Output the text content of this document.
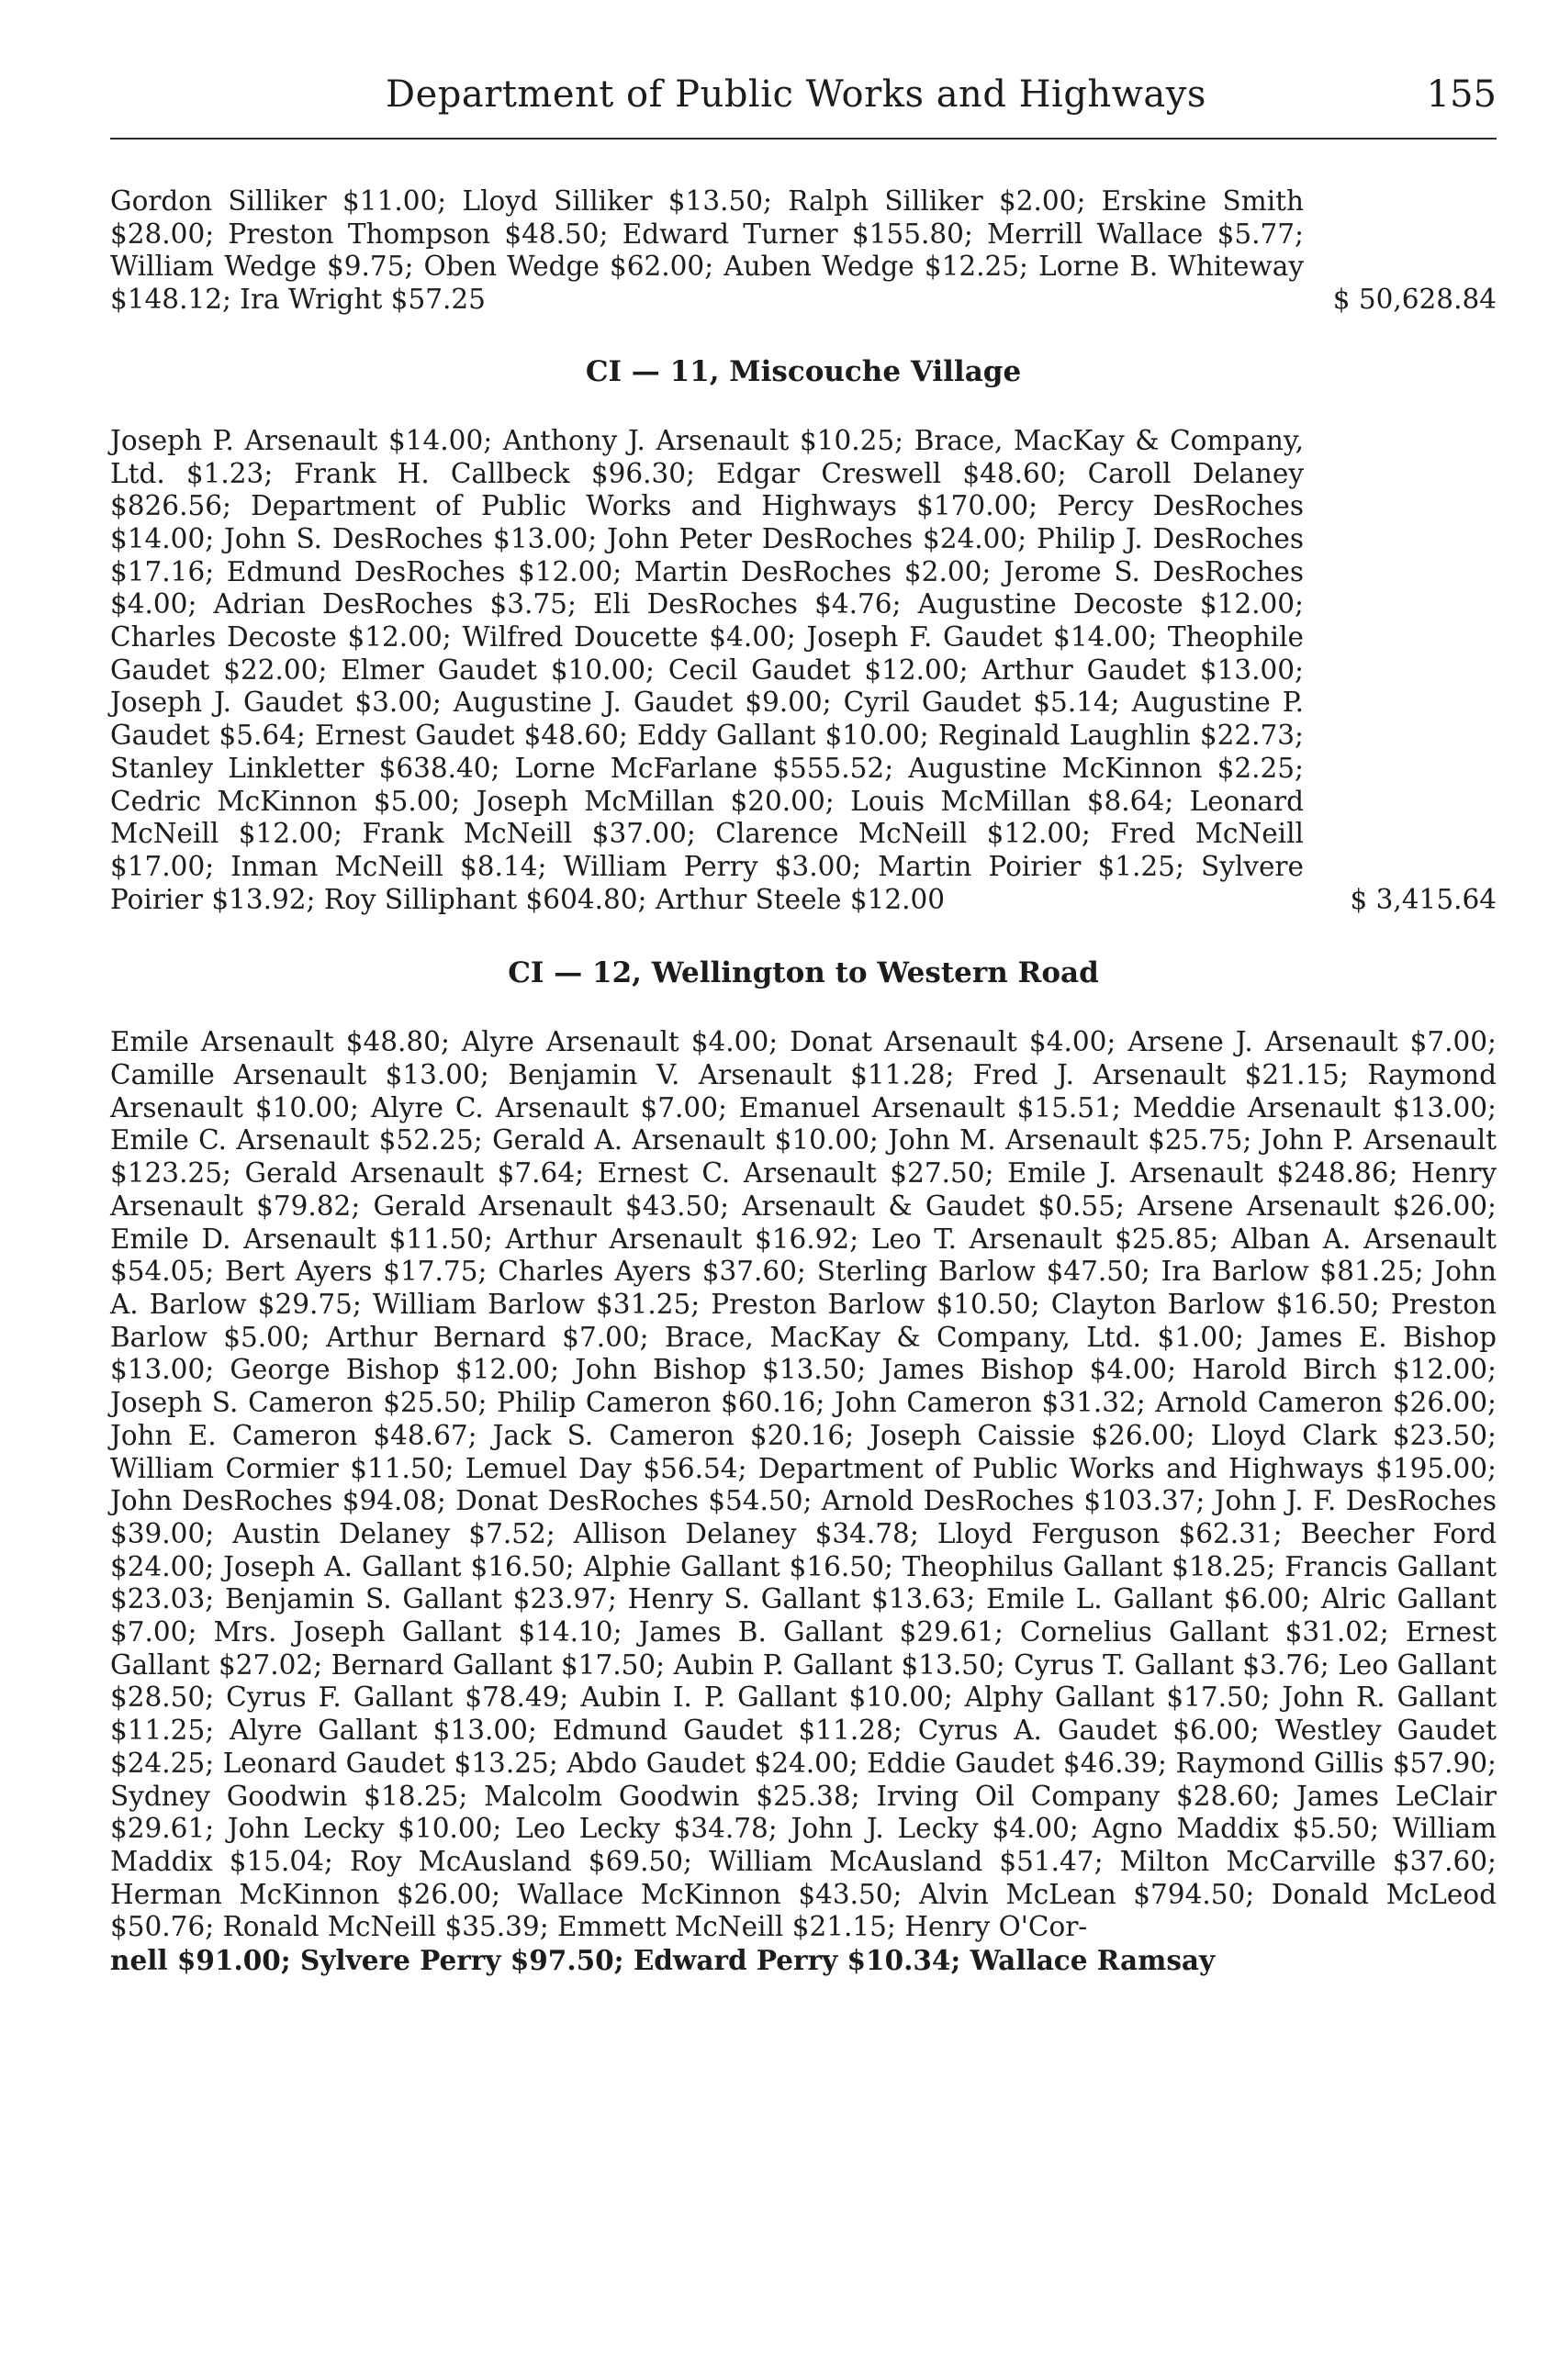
Department of Public Works and Highways	155

Gordon Silliker $11.00; Lloyd Silliker $13.50; Ralph Silliker $2.00; Erskine Smith $28.00; Preston Thompson $48.50; Edward Turner $155.80; Merrill Wallace $5.77; William Wedge $9.75; Oben Wedge $62.00; Auben Wedge $12.25; Lorne B. Whiteway $148.12; Ira Wright $57.25	$ 50,628.84
CI — 11, Miscouche Village

Joseph P. Arsenault $14.00; Anthony J. Arsenault $10.25; Brace, MacKay & Company, Ltd. $1.23; Frank H. Callbeck $96.30; Edgar Creswell $48.60; Caroll Delaney $826.56; Department of Public Works and Highways $170.00; Percy DesRoches $14.00; John S. DesRoches $13.00; John Peter DesRoches $24.00; Philip J. DesRoches $17.16; Edmund DesRoches $12.00; Martin DesRoches $2.00; Jerome S. DesRoches $4.00; Adrian DesRoches $3.75; Eli DesRoches $4.76; Augustine Decoste $12.00; Charles Decoste $12.00; Wilfred Doucette $4.00; Joseph F. Gaudet $14.00; Theophile Gaudet $22.00; Elmer Gaudet $10.00; Cecil Gaudet $12.00; Arthur Gaudet $13.00; Joseph J. Gaudet $3.00; Augustine J. Gaudet $9.00; Cyril Gaudet $5.14; Augustine P. Gaudet $5.64; Ernest Gaudet $48.60; Eddy Gallant $10.00; Reginald Laughlin $22.73; Stanley Linkletter $638.40; Lorne McFarlane $555.52; Augustine McKinnon $2.25; Cedric McKinnon $5.00; Joseph McMillan $20.00; Louis McMillan $8.64; Leonard McNeill $12.00; Frank McNeill $37.00; Clarence McNeill $12.00; Fred McNeill $17.00; Inman McNeill $8.14; William Perry $3.00; Martin Poirier $1.25; Sylvere Poirier $13.92; Roy Silliphant $604.80; Arthur Steele $12.00	$ 3,415.64
CI — 12, Wellington to Western Road

Emile Arsenault $48.80; Alyre Arsenault $4.00; Donat Arsenault $4.00; Arsene J. Arsenault $7.00; Camille Arsenault $13.00; Benjamin V. Arsenault $11.28; Fred J. Arsenault $21.15; Raymond Arsenault $10.00; Alyre C. Arsenault $7.00; Emanuel Arsenault $15.51; Meddie Arsenault $13.00; Emile C. Arsenault $52.25; Gerald A. Arsenault $10.00; John M. Arsenault $25.75; John P. Arsenault $123.25; Gerald Arsenault $7.64; Ernest C. Arsenault $27.50; Emile J. Arsenault $248.86; Henry Arsenault $79.82; Gerald Arsenault $43.50; Arsenault & Gaudet $0.55; Arsene Arsenault $26.00; Emile D. Arsenault $11.50; Arthur Arsenault $16.92; Leo T. Arsenault $25.85; Alban A. Arsenault $54.05; Bert Ayers $17.75; Charles Ayers $37.60; Sterling Barlow $47.50; Ira Barlow $81.25; John A. Barlow $29.75; William Barlow $31.25; Preston Barlow $10.50; Clayton Barlow $16.50; Preston Barlow $5.00; Arthur Bernard $7.00; Brace, MacKay & Company, Ltd. $1.00; James E. Bishop $13.00; George Bishop $12.00; John Bishop $13.50; James Bishop $4.00; Harold Birch $12.00; Joseph S. Cameron $25.50; Philip Cameron $60.16; John Cameron $31.32; Arnold Cameron $26.00; John E. Cameron $48.67; Jack S. Cameron $20.16; Joseph Caissie $26.00; Lloyd Clark $23.50; William Cormier $11.50; Lemuel Day $56.54; Department of Public Works and Highways $195.00; John DesRoches $94.08; Donat DesRoches $54.50; Arnold DesRoches $103.37; John J. F. DesRoches $39.00; Austin Delaney $7.52; Allison Delaney $34.78; Lloyd Ferguson $62.31; Beecher Ford $24.00; Joseph A. Gallant $16.50; Alphie Gallant $16.50; Theophilus Gallant $18.25; Francis Gallant $23.03; Benjamin S. Gallant $23.97; Henry S. Gallant $13.63; Emile L. Gallant $6.00; Alric Gallant $7.00; Mrs. Joseph Gallant $14.10; James B. Gallant $29.61; Cornelius Gallant $31.02; Ernest Gallant $27.02; Bernard Gallant $17.50; Aubin P. Gallant $13.50; Cyrus T. Gallant $3.76; Leo Gallant $28.50; Cyrus F. Gallant $78.49; Aubin I. P. Gallant $10.00; Alphy Gallant $17.50; John R. Gallant $11.25; Alyre Gallant $13.00; Edmund Gaudet $11.28; Cyrus A. Gaudet $6.00; Westley Gaudet $24.25; Leonard Gaudet $13.25; Abdo Gaudet $24.00; Eddie Gaudet $46.39; Raymond Gillis $57.90; Sydney Goodwin $18.25; Malcolm Goodwin $25.38; Irving Oil Company $28.60; James LeClair $29.61; John Lecky $10.00; Leo Lecky $34.78; John J. Lecky $4.00; Agno Maddix $5.50; William Maddix $15.04; Roy McAusland $69.50; William McAusland $51.47; Milton McCarville $37.60; Herman McKinnon $26.00; Wallace McKinnon $43.50; Alvin McLean $794.50; Donald McLeod $50.76; Ronald McNeill $35.39; Emmett McNeill $21.15; Henry O'Cor-

nell $91.00; Sylvere Perry $97.50; Edward Perry $10.34; Wallace Ramsay
